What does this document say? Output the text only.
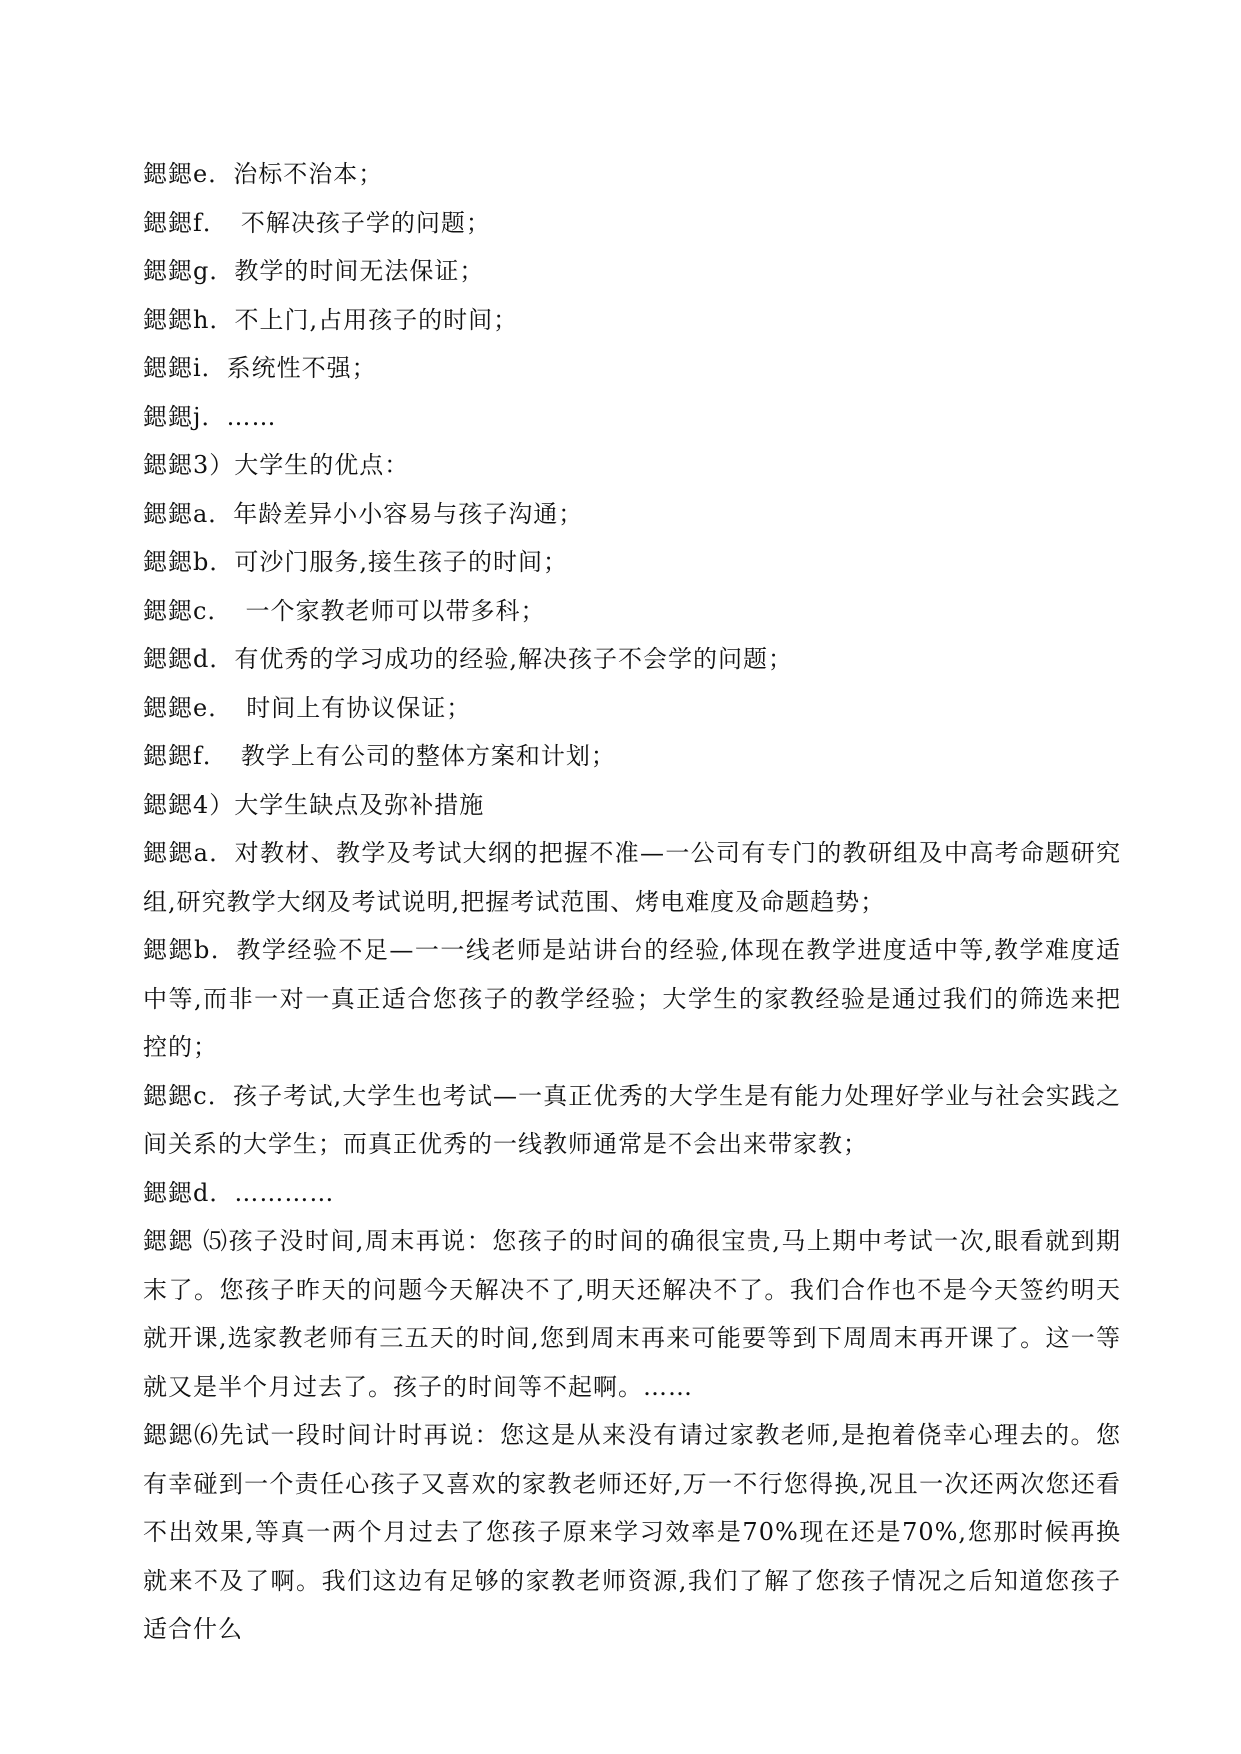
鍶鍶e．治标不治本；

鍶鍶f．　不解决孩子学的问题；

鍶鍶g．教学的时间无法保证；

鍶鍶h．不上门,占用孩子的时间；

鍶鍶i．系统性不强；

鍶鍶j．……

鍶鍶3）大学生的优点：

鍶鍶a．年龄差异小小容易与孩子沟通；

鍶鍶b．可沙门服务,接生孩子的时间；

鍶鍶c．　一个家教老师可以带多科；

鍶鍶d．有优秀的学习成功的经验,解决孩子不会学的问题；

鍶鍶e．　时间上有协议保证；

鍶鍶f．　教学上有公司的整体方案和计划；

鍶鍶4）大学生缺点及弥补措施

鍶鍶a．对教材、教学及考试大纲的把握不准—一公司有专门的教研组及中高考命题研究组,研究教学大纲及考试说明,把握考试范围、烤电难度及命题趋势；

鍶鍶b．教学经验不足—一一线老师是站讲台的经验,体现在教学进度适中等,教学难度适中等,而非一对一真正适合您孩子的教学经验；大学生的家教经验是通过我们的筛选来把控的；

鍶鍶c．孩子考试,大学生也考试—一真正优秀的大学生是有能力处理好学业与社会实践之间关系的大学生；而真正优秀的一线教师通常是不会出来带家教；

鍶鍶d．…………

鍶鍶 ⑸孩子没时间,周末再说：您孩子的时间的确很宝贵,马上期中考试一次,眼看就到期末了。您孩子昨天的问题今天解决不了,明天还解决不了。我们合作也不是今天签约明天就开课,选家教老师有三五天的时间,您到周末再来可能要等到下周周末再开课了。这一等就又是半个月过去了。孩子的时间等不起啊。……

鍶鍶⑹先试一段时间计时再说：您这是从来没有请过家教老师,是抱着侥幸心理去的。您有幸碰到一个责任心孩子又喜欢的家教老师还好,万一不行您得换,况且一次还两次您还看不出效果,等真一两个月过去了您孩子原来学习效率是70%现在还是70%,您那时候再换就来不及了啊。我们这边有足够的家教老师资源,我们了解了您孩子情况之后知道您孩子适合什么
